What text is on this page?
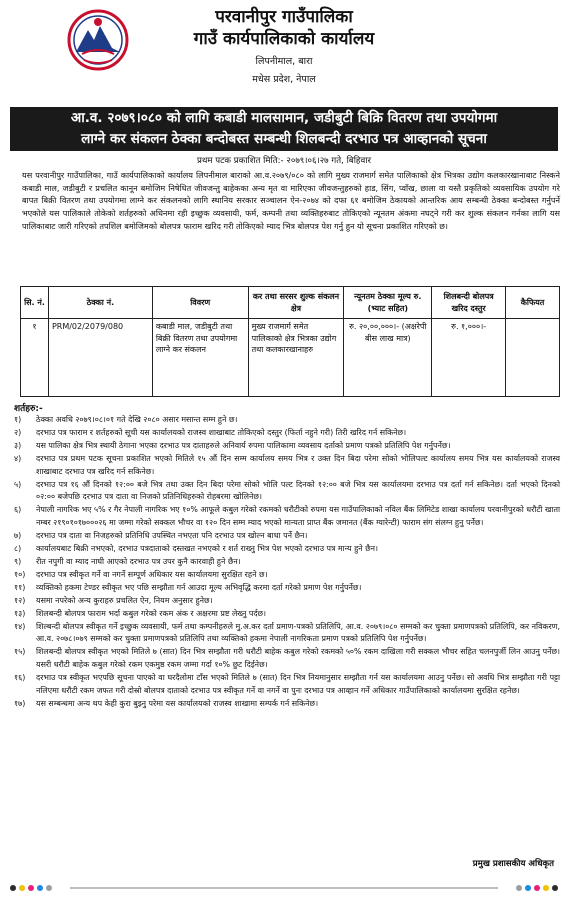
परवानीपुर गाउँपालिका
गाउँ कार्यपालिकाको कार्यालय
लिपनीमाल, बारा
मधेस प्रदेश, नेपाल
आ.व. २०७९।०८० को लागि कबाडी मालसामान, जडीबुटी बिक्रि वितरण तथा उपयोगमा
लाग्ने कर संकलन ठेक्का बन्दोबस्त सम्बन्धी शिलबन्दी दरभाउ पत्र आव्हानको सूचना
प्रथम पटक प्रकाशित मिति:- २०७९।०६।२७ गते, बिहिवार
यस परवानीपुर गाउँपालिका, गाउँ कार्यपालिकाको कार्यालय लिपनीमाल बाराको आ.व.२०७९/०८० को लागि मुख्य राजमार्ग समेत पालिकाको क्षेत्र भित्रका उद्योग कलकारखानाबाट निस्कने कबाडी माल, जडीबुटी र प्रचलित कानून बमोजिम निषेधित जीवजन्तु बाहेकका अन्य मृत वा मारिएका जीवजन्तुहरुको हाड, सिंग, प्वाँख, छाला वा यस्तै प्रकृतिको व्यवसायिक उपयोग गरे बापत बिक्री वितरण तथा उपयोगमा लाग्ने कर संकलनको लागि स्थानिय सरकार सञ्चालन ऐन-२०७४ को दफा ६१ बमोजिम ठेकायको आन्तरिक आय सम्बन्धी ठेक्का बन्दोबस्त गर्नुपर्ने भएकोले यस पालिकाले तोकेको शर्तहरुको अधिनमा रही इच्छुक व्यवसायी, फर्म, कम्पनी तथा व्यक्तिहरुबाट तोकिएको न्यूनतम अंकमा नघट्ने गरी कर शुल्क संकलन गर्नका लागि यस पालिकाबाट जारी गरिएको तपशिल बमोजिमको बोलपत्र फाराम खरिद गरी तोकिएको म्याद भित्र बोलपत्र पेश गर्नु हुन यो सूचना प्रकाशित गरिएको छ।
सि. नं.	ठेक्का नं.	विवरण	कर तथा सरसर शुल्क संकलन क्षेत्र	न्यूनतम ठेक्का मूल्य रु. (भ्याट सहित)	शिलबन्दी बोलपत्र खरिद दस्तुर	कैफियत
१	PRM/02/2079/080	कबाडी माल, जडीबुटी तथा बिक्री वितरण तथा उपयोगमा लाग्ने कर संकलन	मुख्य राजमार्ग समेत पालिकाको क्षेत्र भित्रका उद्योग तथा कलकारखानाहरु	रु. २०,००,०००।- (अक्षरेपी बीस लाख मात्र)	रु. १,०००।-	
शर्तहरु:-
१)	ठेक्का अवधि २०७९।०८।०१ गते देखि २०८० असार मसान्त सम्म हुने छ।
२)	दरभाउ पत्र फाराम र शर्तहरुको सूची यस कार्यालयको राजस्व शाखाबाट तोकिएको दस्तुर (फिर्ता नहुने गरी) तिरी खरिद गर्न सकिनेछ।
३)	यस पालिका क्षेत्र भित्र स्थायी ठेगाना भएका दरभाउ पत्र दाताहरुले अनिवार्य रुपमा पालिकामा व्यवसाय दर्ताको प्रमाण पत्रको प्रतिलिपि पेश गर्नुपर्नेछ।
४)	दरभाउ पत्र प्रथम पटक सूचना प्रकाशित भएको मितिले १५ औं दिन सम्म कार्यालय समय भित्र र उक्त दिन बिदा परेमा सोको भोलिपल्ट कार्यालय समय भित्र यस कार्यालयको राजस्व शाखाबाट दरभाउ पत्र खरिद गर्न सकिनेछ।
५)	दरभाउ पत्र १६ औं दिनको १२:०० बजे भित्र तथा उक्त दिन बिदा परेमा सोको भोलि पल्ट दिनको १२:०० बजे भित्र यस कार्यालयमा दरभाउ पत्र दर्ता गर्न सकिनेछ। दर्ता भएको दिनको ०२:०० बजेपछि दरभाउ पत्र दाता वा निजको प्रतिनिधिहरुको रोहबरमा खोलिनेछ।
६)	नेपाली नागरिक भए ५% र गैर नेपाली नागरिक भए १०% आफूले कबुल गरेको रकमको धरौटीको रुपमा यस गाउँपालिकाको नविल बैंक लिमिटेड शाखा कार्यालय परवानीपुरको धरौटी खाता नम्बर २१९०१०१७०००२६ मा जम्मा गरेको सक्कल भौचर वा १२० दिन सम्म म्याद भएको मान्यता प्राप्त बैंक जमानत (बैंक ग्यारेन्टी) फाराम संग संलग्न हुनु पर्नेछ।
७)	दरभाउ पत्र दाता वा निजहरुको प्रतिनिधि उपस्थित नभएता पनि दरभाउ पत्र खोल्न बाधा पर्ने छैन।
८)	कार्यालयबाट बिक्री नभएको, दरभाउ पत्रदाताको दस्तखत नभएको र शर्त राख्नु भित्र पेश भएको दरभाउ पत्र मान्य हुने छैन।
९)	रीत नपुगी वा म्याद नाघी आएको दरभाउ पत्र उपर कुनै कारवाही हुने छैन।
१०)	दरभाउ पत्र स्वीकृत गर्ने वा नगर्ने सम्पूर्ण अधिकार यस कार्यालयमा सुरक्षित रहने छ।
११)	व्यक्तिको हकमा टेण्डर स्वीकृत भए पछि सम्झौता गर्न आउदा मूल्य अभिवृद्धि करमा दर्ता गरेको प्रमाण पेश गर्नुपर्नेछ।
१२)	यसमा नपरेको अन्य कुराहरु प्रचलित ऐन, नियम अनुसार हुनेछ।
१३)	शिलबन्दी बोलपत्र फाराम भर्दा कबुल गरेको रकम अंक र अक्षरमा प्रष्ट लेख्नु पर्दछ।
१४)	शिल्बन्दी बोलपत्र स्वीकृत गर्ने इच्छुक व्यवसायी, फर्म तथा कम्पनीहरुले मु.अ.कर दर्ता प्रमाण-पत्रको प्रतिलिपि, आ.व. २०७९।०८० सम्मको कर चुक्ता प्रमाणपत्रको प्रतिलिपि, कर नविकरण, आ.व. २०७८।०७९ सम्मको कर चुक्ता प्रमाणपत्रको प्रतिलिपि तथा व्यक्तिको हकमा नेपाली नागरिकता प्रमाण पत्रको प्रतिलिपि पेश गर्नुपर्नेछ।
१५)	शिलबन्दी बोलपत्र स्वीकृत भएको मितिले ७ (सात) दिन भित्र सम्झौता गरी धरौटी बाहेक कबुल गरेको रकमको ५०% रकम दाखिला गरी सक्कल भौचर सहित चलनपुर्जी लिन आउनु पर्नेछ। यसरी धरौटी बाहेक कबुल गरेको रकम एकमुष्ठ रकम जम्मा गर्दा १०% छुट दिईनेछ।
१६)	दरभाउ पत्र स्वीकृत भएपछि सूचना पाएको वा घरदैलोमा टाँस भएको मितिले ७ (सात) दिन भित्र नियमानुसार सम्झौता गर्न यस कार्यालयमा आउनु पर्नेछ। सो अवधि भित्र सम्झौता गरी पट्टा नलिएमा धरौटी रकम जफत गरी दोस्रो बोलपत्र दाताको दरभाउ पत्र स्वीकृत गर्ने वा नगर्ने वा पुनः दरभाउ पत्र आव्हान गर्ने अधिकार गाउँपालिकाको कार्यालयमा सुरक्षित रहनेछ।
१७)	यस सम्बन्धमा अन्य थप केही कुरा बुझ्नु परेमा यस कार्यालयको राजस्व शाखामा सम्पर्क गर्न सकिनेछ।
प्रमुख प्रशासकीय अधिकृत
